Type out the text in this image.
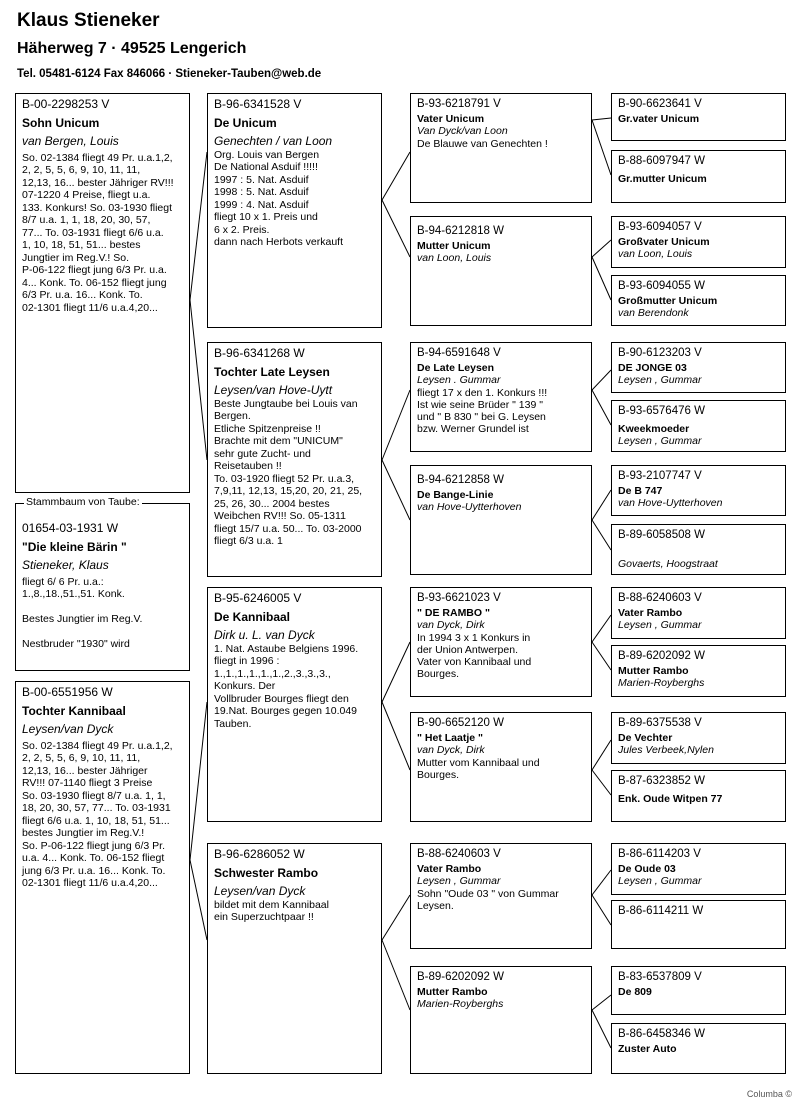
Klaus Stieneker
Häherweg 7 · 49525 Lengerich
Tel. 05481-6124 Fax 846066 · Stieneker-Tauben@web.de
B-00-2298253 V
Sohn Unicum
van Bergen, Louis
So. 02-1384 fliegt 49 Pr. u.a.1,2,
2, 2, 5, 5, 6, 9, 10, 11, 11,
12,13, 16... bester Jähriger RV!!!
07-1220 4 Preise, fliegt u.a.
133. Konkurs! So. 03-1930 fliegt
8/7 u.a. 1, 1, 18, 20, 30, 57,
77... To. 03-1931 fliegt 6/6 u.a.
1, 10, 18, 51, 51... bestes
Jungtier im Reg.V.! So.
P-06-122 fliegt jung 6/3 Pr. u.a.
4... Konk. To. 06-152 fliegt jung
6/3 Pr. u.a. 16... Konk. To.
02-1301 fliegt 11/6 u.a.4,20...
01654-03-1931 W
"Die kleine Bärin "
Stieneker, Klaus
fliegt 6/ 6 Pr. u.a.:
1.,8.,18.,51.,51. Konk.

Bestes Jungtier im Reg.V.

Nestbruder "1930" wird
Stammbaum von Taube:
B-00-6551956 W
Tochter Kannibaal
Leysen/van Dyck
So. 02-1384 fliegt 49 Pr. u.a.1,2,
2, 2, 5, 5, 6, 9, 10, 11, 11,
12,13, 16... bester Jähriger
RV!!! 07-1140 fliegt 3 Preise
So. 03-1930 fliegt 8/7 u.a. 1, 1,
18, 20, 30, 57, 77... To. 03-1931
fliegt 6/6 u.a. 1, 10, 18, 51, 51...
bestes Jungtier im Reg.V.!
So. P-06-122 fliegt jung 6/3 Pr.
u.a. 4... Konk. To. 06-152 fliegt
jung 6/3 Pr. u.a. 16... Konk. To.
02-1301 fliegt 11/6 u.a.4,20...
B-96-6341528 V
De Unicum
Genechten / van Loon
Org. Louis van Bergen
De National Asduif !!!!!
1997 : 5. Nat. Asduif
1998 : 5. Nat. Asduif
1999 : 4. Nat. Asduif
fliegt 10 x 1. Preis und
6 x 2. Preis.
dann nach Herbots verkauft
B-96-6341268 W
Tochter Late Leysen
Leysen/van Hove-Uytt
Beste Jungtaube bei Louis van
Bergen.
Etliche Spitzenpreise !!
Brachte mit dem "UNICUM"
sehr gute Zucht- und
Reisetauben !!
To. 03-1920 fliegt 52 Pr. u.a.3,
7,9,11, 12,13, 15,20, 20, 21, 25,
25, 26, 30... 2004 bestes
Weibchen RV!!! So. 05-1311
fliegt 15/7 u.a. 50... To. 03-2000
fliegt 6/3 u.a. 1
B-95-6246005 V
De Kannibaal
Dirk u. L. van Dyck
1. Nat. Astaube Belgiens 1996.
fliegt in 1996 :
1.,1.,1.,1.,1.,1.,2.,3.,3.,3.,
Konkurs. Der
Vollbruder Bourges fliegt den
19.Nat. Bourges gegen 10.049
Tauben.
B-96-6286052 W
Schwester Rambo
Leysen/van Dyck
bildet mit dem Kannibaal
ein Superzuchtpaar !!
B-93-6218791 V
Vater Unicum
Van Dyck/van Loon
De Blauwe van Genechten !
B-94-6212818 W
Mutter Unicum
van Loon, Louis
B-94-6591648 V
De Late Leysen
Leysen . Gummar
fliegt 17 x den 1. Konkurs !!!
Ist wie seine Brüder " 139 "
und " B 830 " bei G. Leysen
bzw. Werner Grundel ist
B-94-6212858 W
De Bange-Linie
van Hove-Uytterhoven
B-93-6621023 V
" DE RAMBO "
van Dyck, Dirk
In 1994 3 x 1 Konkurs in
der Union Antwerpen.
Vater von Kannibaal und
Bourges.
B-90-6652120 W
" Het Laatje "
van Dyck, Dirk
Mutter vom Kannibaal und
Bourges.
B-88-6240603 V
Vater Rambo
Leysen , Gummar
Sohn "Oude 03 " von Gummar
Leysen.
B-89-6202092 W
Mutter Rambo
Marien-Royberghs
B-90-6623641 V
Gr.vater Unicum
B-88-6097947 W
Gr.mutter Unicum
B-93-6094057 V
Großvater Unicum
van Loon, Louis
B-93-6094055 W
Großmutter Unicum
van Berendonk
B-90-6123203 V
DE JONGE 03
Leysen , Gummar
B-93-6576476 W
Kweekmoeder
Leysen , Gummar
B-93-2107747 V
De B 747
van Hove-Uytterhoven
B-89-6058508 W
Govaerts, Hoogstraat
B-88-6240603 V
Vater Rambo
Leysen , Gummar
B-89-6202092 W
Mutter Rambo
Marien-Royberghs
B-89-6375538 V
De Vechter
Jules Verbeek,Nylen
B-87-6323852 W
Enk. Oude Witpen 77
B-86-6114203 V
De Oude 03
Leysen , Gummar
B-86-6114211 W
B-83-6537809 V
De 809
B-86-6458346 W
Zuster Auto
Columba ©
